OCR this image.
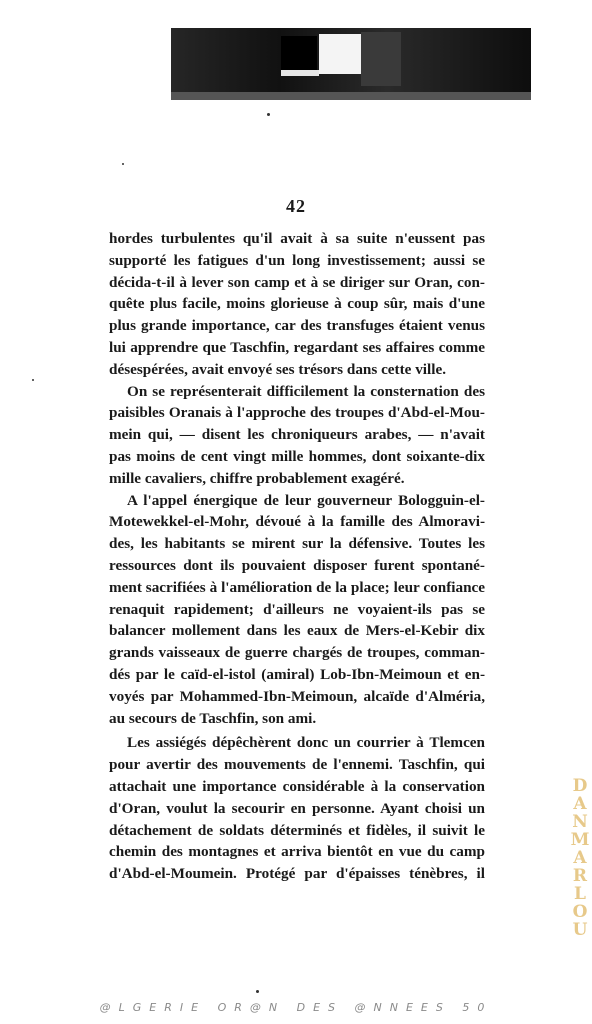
42
hordes turbulentes qu'il avait à sa suite n'eussent pas
supporté les fatigues d'un long investissement; aussi se
décida-t-il à lever son camp et à se diriger sur Oran, con-
quête plus facile, moins glorieuse à coup sûr, mais d'une
plus grande importance, car des transfuges étaient venus
lui apprendre que Taschfin, regardant ses affaires comme
désespérées, avait envoyé ses trésors dans cette ville.
On se représenterait difficilement la consternation des
paisibles Oranais à l'approche des troupes d'Abd-el-Mou-
mein qui, — disent les chroniqueurs arabes, — n'avait
pas moins de cent vingt mille hommes, dont soixante-dix
mille cavaliers, chiffre probablement exagéré.
A l'appel énergique de leur gouverneur Bologguin-el-
Motewekkel-el-Mohr, dévoué à la famille des Almoravi-
des, les habitants se mirent sur la défensive. Toutes les
ressources dont ils pouvaient disposer furent spontané-
ment sacrifiées à l'amélioration de la place; leur confiance
renaquit rapidement; d'ailleurs ne voyaient-ils pas se
balancer mollement dans les eaux de Mers-el-Kebir dix
grands vaisseaux de guerre chargés de troupes, comman-
dés par le caïd-el-istol (amiral) Lob-Ibn-Meimoun et en-
voyés par Mohammed-Ibn-Meimoun, alcaïde d'Alméria,
au secours de Taschfin, son ami.
Les assiégés dépêchèrent donc un courrier à Tlemcen
pour avertir des mouvements de l'ennemi. Taschfin, qui
attachait une importance considérable à la conservation
d'Oran, voulut la secourir en personne. Ayant choisi un
détachement de soldats déterminés et fidèles, il suivit le
chemin des montagnes et arriva bientôt en vue du camp
d'Abd-el-Moumein. Protégé par d'épaisses ténèbres, il	DANMARLOU
@LGERIE OR@N DES @NNEES 50
